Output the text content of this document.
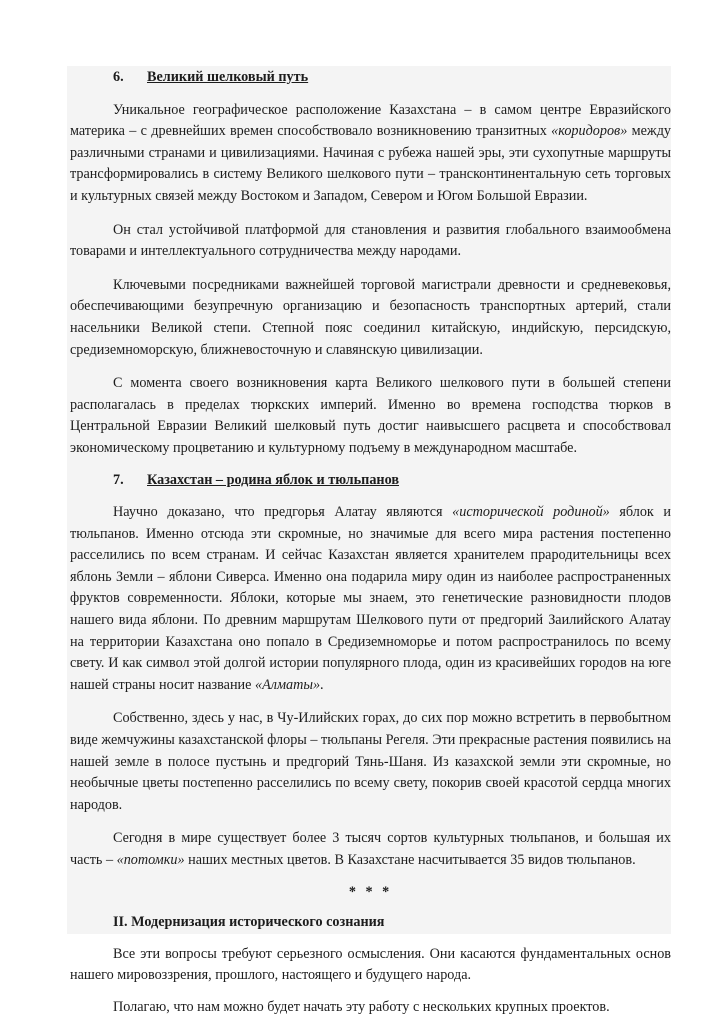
6. Великий шелковый путь

Уникальное географическое расположение Казахстана – в самом центре Евразийского материка – с древнейших времен способствовало возникновению транзитных «коридоров» между различными странами и цивилизациями. Начиная с рубежа нашей эры, эти сухопутные маршруты трансформировались в систему Великого шелкового пути – трансконтинентальную сеть торговых и культурных связей между Востоком и Западом, Севером и Югом Большой Евразии.

Он стал устойчивой платформой для становления и развития глобального взаимообмена товарами и интеллектуального сотрудничества между народами.

Ключевыми посредниками важнейшей торговой магистрали древности и средневековья, обеспечивающими безупречную организацию и безопасность транспортных артерий, стали насельники Великой степи. Степной пояс соединил китайскую, индийскую, персидскую, средиземноморскую, ближневосточную и славянскую цивилизации.

С момента своего возникновения карта Великого шелкового пути в большей степени располагалась в пределах тюркских империй. Именно во времена господства тюрков в Центральной Евразии Великий шелковый путь достиг наивысшего расцвета и способствовал экономическому процветанию и культурному подъему в международном масштабе.

7. Казахстан – родина яблок и тюльпанов

Научно доказано, что предгорья Алатау являются «исторической родиной» яблок и тюльпанов. Именно отсюда эти скромные, но значимые для всего мира растения постепенно расселились по всем странам. И сейчас Казахстан является хранителем прародительницы всех яблонь Земли – яблони Сиверса. Именно она подарила миру один из наиболее распространенных фруктов современности. Яблоки, которые мы знаем, это генетические разновидности плодов нашего вида яблони. По древним маршрутам Шелкового пути от предгорий Заилийского Алатау на территории Казахстана оно попало в Средиземноморье и потом распространилось по всему свету. И как символ этой долгой истории популярного плода, один из красивейших городов на юге нашей страны носит название «Алматы».

Собственно, здесь у нас, в Чу-Илийских горах, до сих пор можно встретить в первобытном виде жемчужины казахстанской флоры – тюльпаны Регеля. Эти прекрасные растения появились на нашей земле в полосе пустынь и предгорий Тянь-Шаня. Из казахской земли эти скромные, но необычные цветы постепенно расселились по всему свету, покорив своей красотой сердца многих народов.

Сегодня в мире существует более 3 тысяч сортов культурных тюльпанов, и большая их часть – «потомки» наших местных цветов. В Казахстане насчитывается 35 видов тюльпанов.

* * *
II. Модернизация исторического сознания

Все эти вопросы требуют серьезного осмысления. Они касаются фундаментальных основ нашего мировоззрения, прошлого, настоящего и будущего народа.

Полагаю, что нам можно будет начать эту работу с нескольких крупных проектов.
